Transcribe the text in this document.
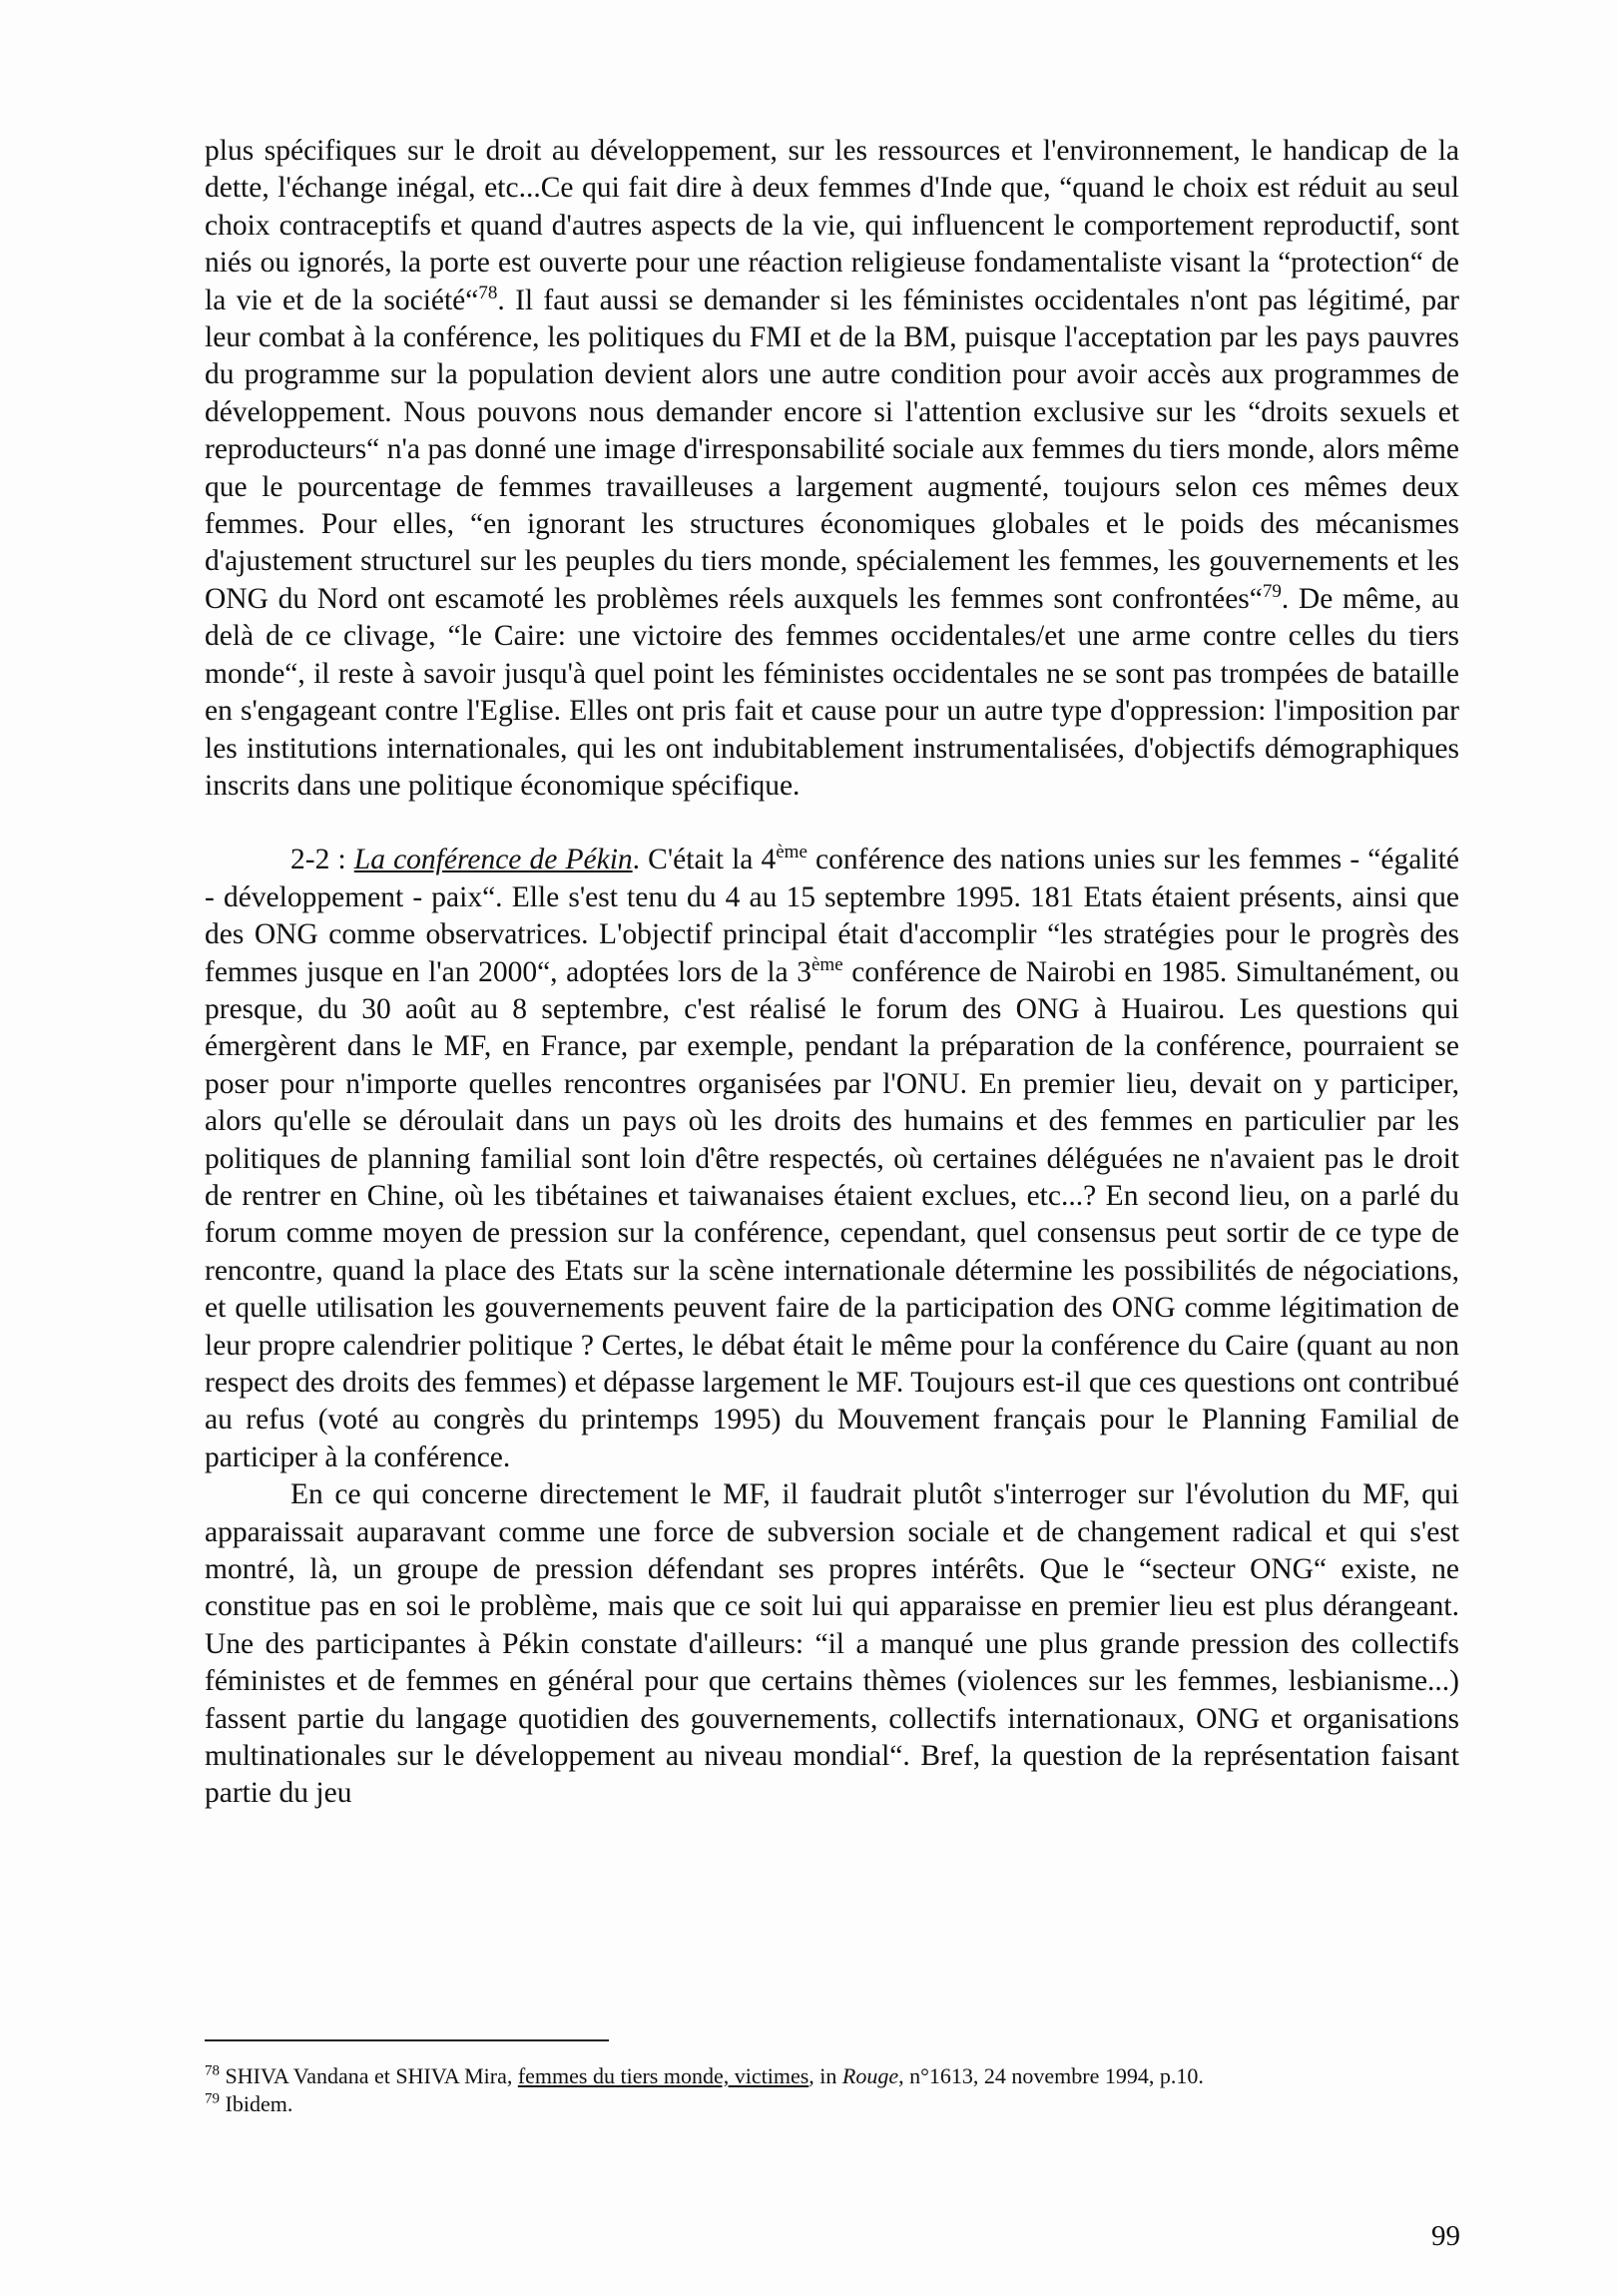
plus spécifiques sur le droit au développement, sur les ressources et l'environnement, le handicap de la dette, l'échange inégal, etc...Ce qui fait dire à deux femmes d'Inde que, “quand le choix est réduit au seul choix contraceptifs et quand d'autres aspects de la vie, qui influencent le comportement reproductif, sont niés ou ignorés, la porte est ouverte pour une réaction religieuse fondamentaliste visant la “protection“ de la vie et de la société“$^{78}$. Il faut aussi se demander si les féministes occidentales n'ont pas légitimé, par leur combat à la conférence, les politiques du FMI et de la BM, puisque l'acceptation par les pays pauvres du programme sur la population devient alors une autre condition pour avoir accès aux programmes de développement. Nous pouvons nous demander encore si l'attention exclusive sur les “droits sexuels et reproducteurs“ n'a pas donné une image d'irresponsabilité sociale aux femmes du tiers monde, alors même que le pourcentage de femmes travailleuses a largement augmenté, toujours selon ces mêmes deux femmes. Pour elles, “en ignorant les structures économiques globales et le poids des mécanismes d'ajustement structurel sur les peuples du tiers monde, spécialement les femmes, les gouvernements et les ONG du Nord ont escamoté les problèmes réels auxquels les femmes sont confrontées“$^{79}$. De même, au delà de ce clivage, “le Caire: une victoire des femmes occidentales/et une arme contre celles du tiers monde“, il reste à savoir jusqu'à quel point les féministes occidentales ne se sont pas trompées de bataille en s'engageant contre l'Eglise. Elles ont pris fait et cause pour un autre type d'oppression: l'imposition par les institutions internationales, qui les ont indubitablement instrumentalisées, d'objectifs démographiques inscrits dans une politique économique spécifique.

2-2 : La conférence de Pékin. C'était la 4ème conférence des nations unies sur les femmes - “égalité - développement - paix“. Elle s'est tenu du 4 au 15 septembre 1995. 181 Etats étaient présents, ainsi que des ONG comme observatrices. L'objectif principal était d'accomplir “les stratégies pour le progrès des femmes jusque en l'an 2000“, adoptées lors de la 3ème conférence de Nairobi en 1985. Simultanément, ou presque, du 30 août au 8 septembre, c'est réalisé le forum des ONG à Huairou. Les questions qui émergèrent dans le MF, en France, par exemple, pendant la préparation de la conférence, pourraient se poser pour n'importe quelles rencontres organisées par l'ONU. En premier lieu, devait on y participer, alors qu'elle se déroulait dans un pays où les droits des humains et des femmes en particulier par les politiques de planning familial sont loin d'être respectés, où certaines déléguées ne n'avaient pas le droit de rentrer en Chine, où les tibétaines et taiwanaises étaient exclues, etc...? En second lieu, on a parlé du forum comme moyen de pression sur la conférence, cependant, quel consensus peut sortir de ce type de rencontre, quand la place des Etats sur la scène internationale détermine les possibilités de négociations, et quelle utilisation les gouvernements peuvent faire de la participation des ONG comme légitimation de leur propre calendrier politique ? Certes, le débat était le même pour la conférence du Caire (quant au non respect des droits des femmes) et dépasse largement le MF. Toujours est-il que ces questions ont contribué au refus (voté au congrès du printemps 1995) du Mouvement français pour le Planning Familial de participer à la conférence.

En ce qui concerne directement le MF, il faudrait plutôt s'interroger sur l'évolution du MF, qui apparaissait auparavant comme une force de subversion sociale et de changement radical et qui s'est montré, là, un groupe de pression défendant ses propres intérêts. Que le “secteur ONG“ existe, ne constitue pas en soi le problème, mais que ce soit lui qui apparaisse en premier lieu est plus dérangeant. Une des participantes à Pékin constate d'ailleurs: “il a manqué une plus grande pression des collectifs féministes et de femmes en général pour que certains thèmes (violences sur les femmes, lesbianisme...) fassent partie du langage quotidien des gouvernements, collectifs internationaux, ONG et organisations multinationales sur le développement au niveau mondial“. Bref, la question de la représentation faisant partie du jeu

$^{78}$ SHIVA Vandana et SHIVA Mira, femmes du tiers monde, victimes, in Rouge, n°1613, 24 novembre 1994, p.10.

$^{79}$ Ibidem.

99
